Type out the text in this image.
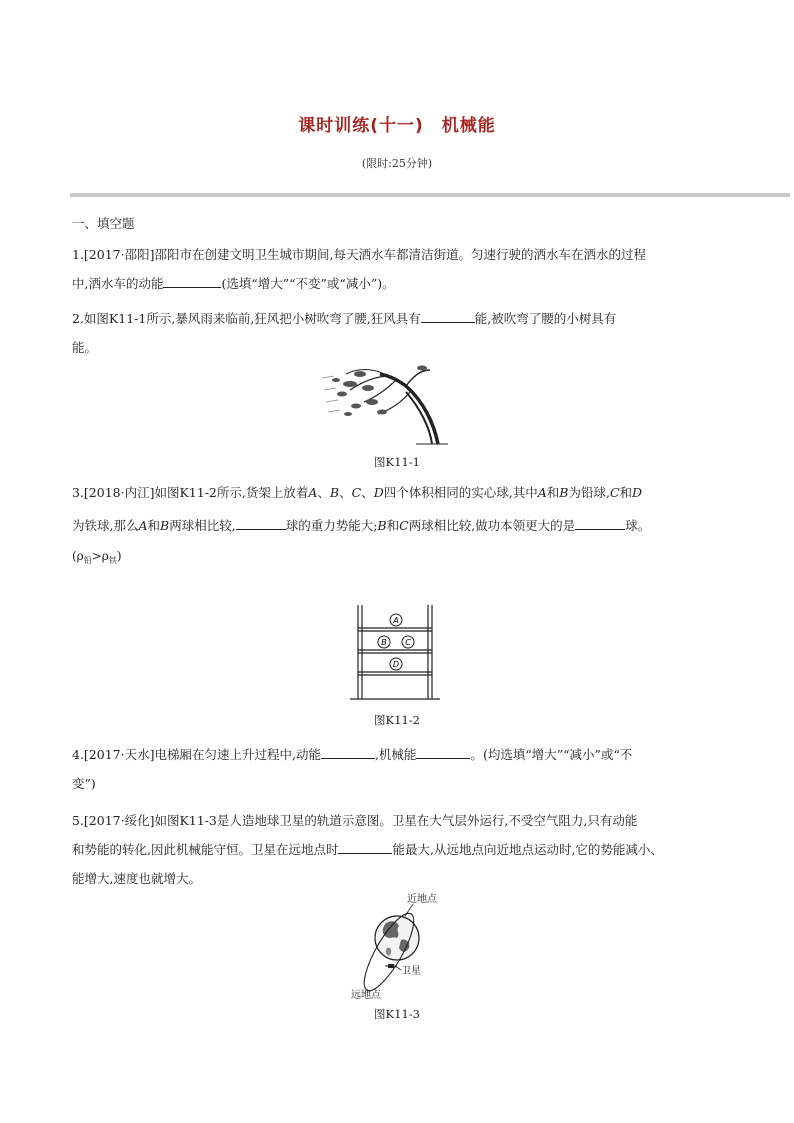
课时训练(十一)　机械能
(限时:25分钟)
一、填空题
1.[2017·邵阳]邵阳市在创建文明卫生城市期间,每天洒水车都清洁街道。匀速行驶的洒水车在洒水的过程
中,洒水车的动能	(选填“增大”“不变”或“减小”)。
2.如图K11-1所示,暴风雨来临前,狂风把小树吹弯了腰,狂风具有	能,被吹弯了腰的小树具有
能。
图K11-1
3.[2018·内江]如图K11-2所示,货架上放着A、B、C、D四个体积相同的实心球,其中A和B为铅球,C和D
为铁球,那么A和B两球相比较,	球的重力势能大;B和C两球相比较,做功本领更大的是	球。
$(\rho_铅>\rho_铁)$
A
B C
D
图K11-2
4.[2017·天水]电梯厢在匀速上升过程中,动能	,机械能	。(均选填“增大”“减小”或“不
变”)
5.[2017·绥化]如图K11-3是人造地球卫星的轨道示意图。卫星在大气层外运行,不受空气阻力,只有动能
和势能的转化,因此机械能守恒。卫星在远地点时	能最大,从远地点向近地点运动时,它的势能减小、
能增大,速度也就增大。
近地点
卫星
远地点
图K11-3
